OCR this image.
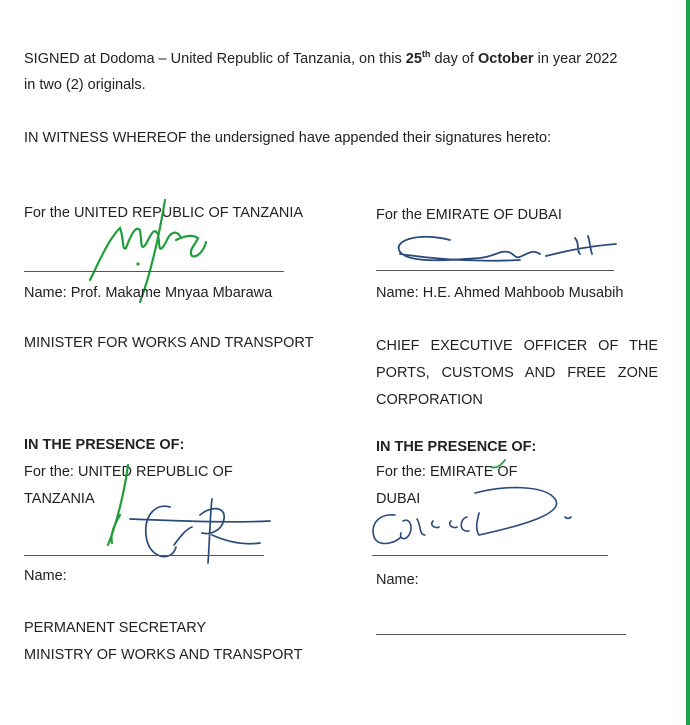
SIGNED at Dodoma – United Republic of Tanzania, on this 25th day of October in year 2022
in two (2) originals.
IN WITNESS WHEREOF the undersigned have appended their signatures hereto:
For the UNITED REPUBLIC OF TANZANIA
Name: Prof. Makame Mnyaa Mbarawa
MINISTER FOR WORKS AND TRANSPORT
IN THE PRESENCE OF:
For the: UNITED REPUBLIC OF
TANZANIA
Name:
PERMANENT SECRETARY
MINISTRY OF WORKS AND TRANSPORT
For the EMIRATE OF DUBAI
Name: H.E. Ahmed Mahboob Musabih
CHIEF EXECUTIVE OFFICER OF THE
PORTS, CUSTOMS AND FREE ZONE
CORPORATION
IN THE PRESENCE OF:
For the: EMIRATE OF
DUBAI
Name:
